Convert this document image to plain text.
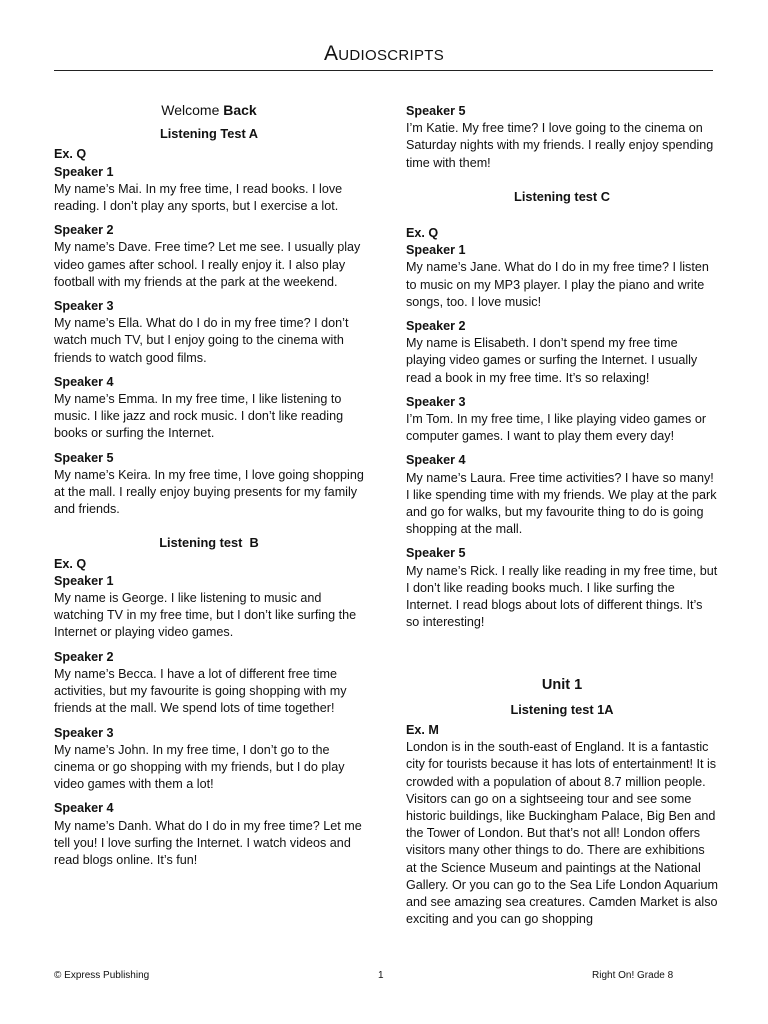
Audioscripts

Welcome Back

Listening Test A

Ex. Q

Speaker 1

My name’s Mai. In my free time, I read books. I love reading. I don’t play any sports, but I exercise a lot.

Speaker 2

My name’s Dave. Free time? Let me see. I usually play video games after school. I really enjoy it. I also play football with my friends at the park at the weekend.

Speaker 3

My name’s Ella. What do I do in my free time? I don’t watch much TV, but I enjoy going to the cinema with friends to watch good films.

Speaker 4

My name’s Emma. In my free time, I like listening to music. I like jazz and rock music. I don’t like reading books or surfing the Internet.

Speaker 5

My name’s Keira. In my free time, I love going shopping at the mall. I really enjoy buying presents for my family and friends.

Listening test  B

Ex. Q

Speaker 1

My name is George. I like listening to music and watching TV in my free time, but I don’t like surfing the Internet or playing video games.

Speaker 2

My name’s Becca. I have a lot of different free time activities, but my favourite is going shopping with my friends at the mall. We spend lots of time together!

Speaker 3

My name’s John. In my free time, I don’t go to the cinema or go shopping with my friends, but I do play video games with them a lot!

Speaker 4

My name’s Danh. What do I do in my free time? Let me tell you! I love surfing the Internet. I watch videos and read blogs online. It’s fun!

Speaker 5

I’m Katie. My free time? I love going to the cinema on Saturday nights with my friends. I really enjoy spending time with them!

Listening test C

Ex. Q

Speaker 1

My name’s Jane. What do I do in my free time? I listen to music on my MP3 player. I play the piano and write songs, too. I love music!

Speaker 2

My name is Elisabeth. I don’t spend my free time playing video games or surfing the Internet. I usually read a book in my free time. It’s so relaxing!

Speaker 3

I’m Tom. In my free time, I like playing video games or computer games. I want to play them every day!

Speaker 4

My name’s Laura. Free time activities? I have so many! I like spending time with my friends. We play at the park and go for walks, but my favourite thing to do is going shopping at the mall.

Speaker 5

My name’s Rick. I really like reading in my free time, but I don’t like reading books much. I like surfing the Internet. I read blogs about lots of different things. It’s so interesting!

Unit 1

Listening test 1A

Ex. M

London is in the south-east of England. It is a fantastic city for tourists because it has lots of entertainment! It is crowded with a population of about 8.7 million people. Visitors can go on a sightseeing tour and see some historic buildings, like Buckingham Palace, Big Ben and the Tower of London. But that’s not all! London offers visitors many other things to do. There are exhibitions at the Science Museum and paintings at the National Gallery. Or you can go to the Sea Life London Aquarium and see amazing sea creatures. Camden Market is also exciting and you can go shopping

© Express Publishing	1	Right On! Grade 8
